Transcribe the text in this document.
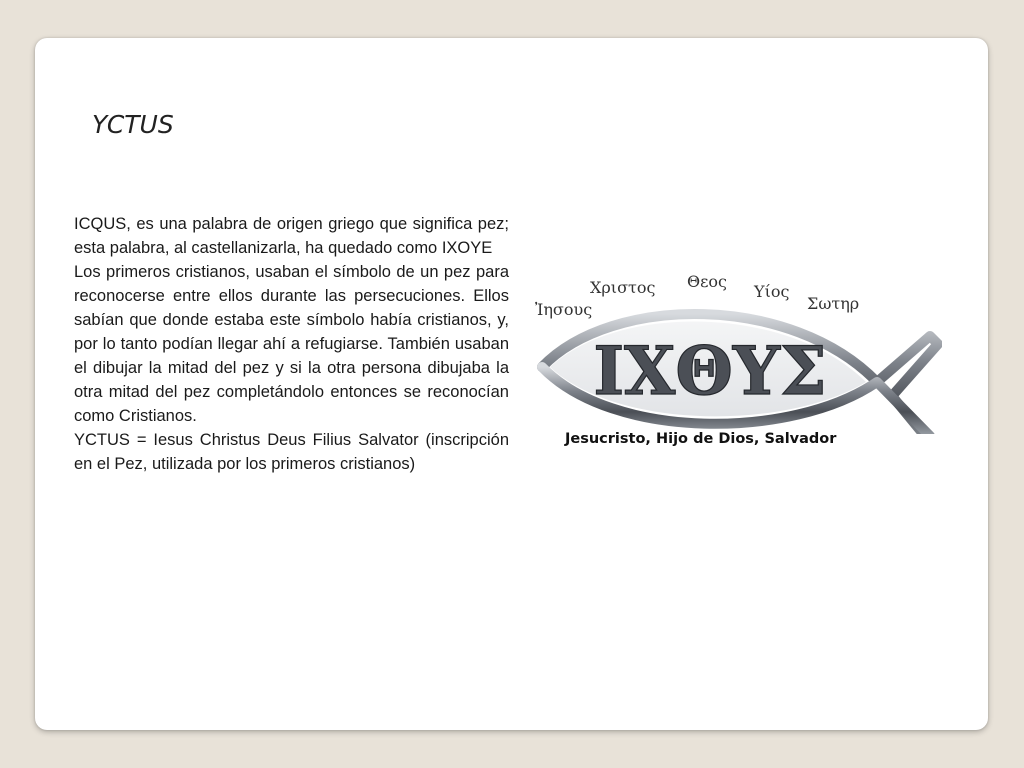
YCTUS

ICQUS, es una palabra de origen griego que significa pez; esta palabra, al castellanizarla, ha quedado como IXOYE

Los primeros cristianos, usaban el símbolo de un pez para reconocerse entre ellos durante las persecuciones. Ellos sabían que donde estaba este símbolo había cristianos, y, por lo tanto podían llegar ahí a refugiarse. También usaban el dibujar la mitad del pez y si la otra persona dibujaba la otra mitad del pez completándolo entonces se reconocían como Cristianos.

YCTUS = Iesus Christus Deus Filius Salvator (inscripción en el Pez, utilizada por los primeros cristianos)

Ἰησους
Χριστος Θεος
Υίος
Σωτηρ
ΙΧΘΥΣ
Jesucristo, Hijo de Dios, Salvador
